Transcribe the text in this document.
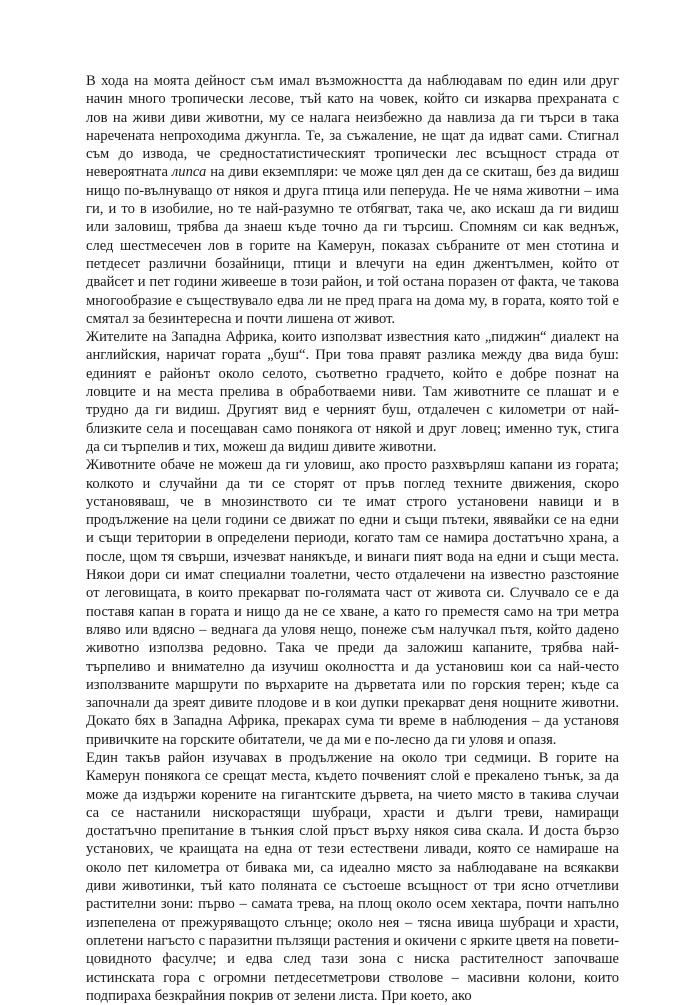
В хода на моята дейност съм имал възможността да наблюдавам по един или друг начин много тропически лесове, тъй като на човек, който си изкарва прехраната с лов на живи диви животни, му се налага неизбежно да навлиза да ги търси в така наречената непроходима джунгла. Те, за съжаление, не щат да идват сами. Стигнал съм до извода, че средностатистическият тропически лес всъщност страда от невероятната липса на диви екземпляри: че може цял ден да се скиташ, без да видиш нищо по-вълнуващо от някоя и друга птица или пеперуда. Не че няма животни – има ги, и то в изобилие, но те най-разумно те отбягват, така че, ако искаш да ги видиш или заловиш, трябва да знаеш къде точно да ги търсиш. Спомням си как веднъж, след шестмесечен лов в горите на Камерун, показах събраните от мен стотина и петдесет различни бозайници, птици и влечуги на един джентълмен, който от двайсет и пет години живееше в този район, и той остана поразен от факта, че такова многообразие е съществувало едва ли не пред прага на дома му, в гората, която той е смятал за безинтересна и почти лишена от живот.

Жителите на Западна Африка, които използват известния като „пиджин“ диалект на английския, наричат гората „буш“. При това правят разлика между два вида буш: единият е районът около селото, съответно градчето, който е добре познат на ловците и на места прелива в обработваеми ниви. Там животните се плашат и е трудно да ги видиш. Другият вид е черният буш, отдалечен с километри от най-близките села и посещаван само понякога от някой и друг ловец; именно тук, стига да си търпелив и тих, можеш да видиш дивите животни.

Животните обаче не можеш да ги уловиш, ако просто разхвърляш капани из гората; колкото и случайни да ти се сторят от пръв поглед техните движения, скоро установяваш, че в мнозинството си те имат строго установени навици и в продължение на цели години се движат по едни и същи пътеки, явявайки се на едни и същи територии в определени периоди, когато там се намира достатъчно храна, а после, щом тя свърши, изчезват нанякъде, и винаги пият вода на едни и същи места. Някои дори си имат специални тоалетни, често отдалечени на известно разстояние от леговищата, в които прекарват по-голямата част от живота си. Случвало се е да поставя капан в гората и нищо да не се хване, а като го преместя само на три метра вляво или вдясно – веднага да уловя нещо, понеже съм налучкал пътя, който дадено животно използва редовно. Така че преди да заложиш капаните, трябва най-търпеливо и внимателно да изучиш околността и да установиш кои са най-често използваните маршрути по върхарите на дърветата или по горския терен; къде са започнали да зреят дивите плодове и в кои дупки прекарват деня нощните животни. Докато бях в Западна Африка, прекарах сума ти време в наблюдения – да установя привичките на горските обитатели, че да ми е по-лесно да ги уловя и опазя.

Един такъв район изучавах в продължение на около три седмици. В горите на Камерун понякога се срещат места, където почвеният слой е прекалено тънък, за да може да издържи корените на гигантските дървета, на чието място в такива случаи са се настанили нискорастящи шубраци, храсти и дълги треви, намиращи достатъчно препитание в тънкия слой пръст върху някоя сива скала. И доста бързо установих, че краищата на една от тези естествени ливади, която се намираше на около пет километра от бивака ми, са идеално място за наблюдаване на всякакви диви животинки, тъй като поляната се състоеше всъщност от три ясно отчетливи растителни зони: първо – самата трева, на площ около осем хектара, почти напълно изпепелена от прежуряващото слънце; около нея – тясна ивица шубраци и храсти, оплетени нагъсто с паразитни пълзящи растения и окичени с ярките цветя на поветицовидното фасулче; и едва след тази зона с ниска растителност започваше истинската гора с огромни петдесетметрови стволове – масивни колони, които подпираха безкрайния покрив от зелени листа. При което, ако
